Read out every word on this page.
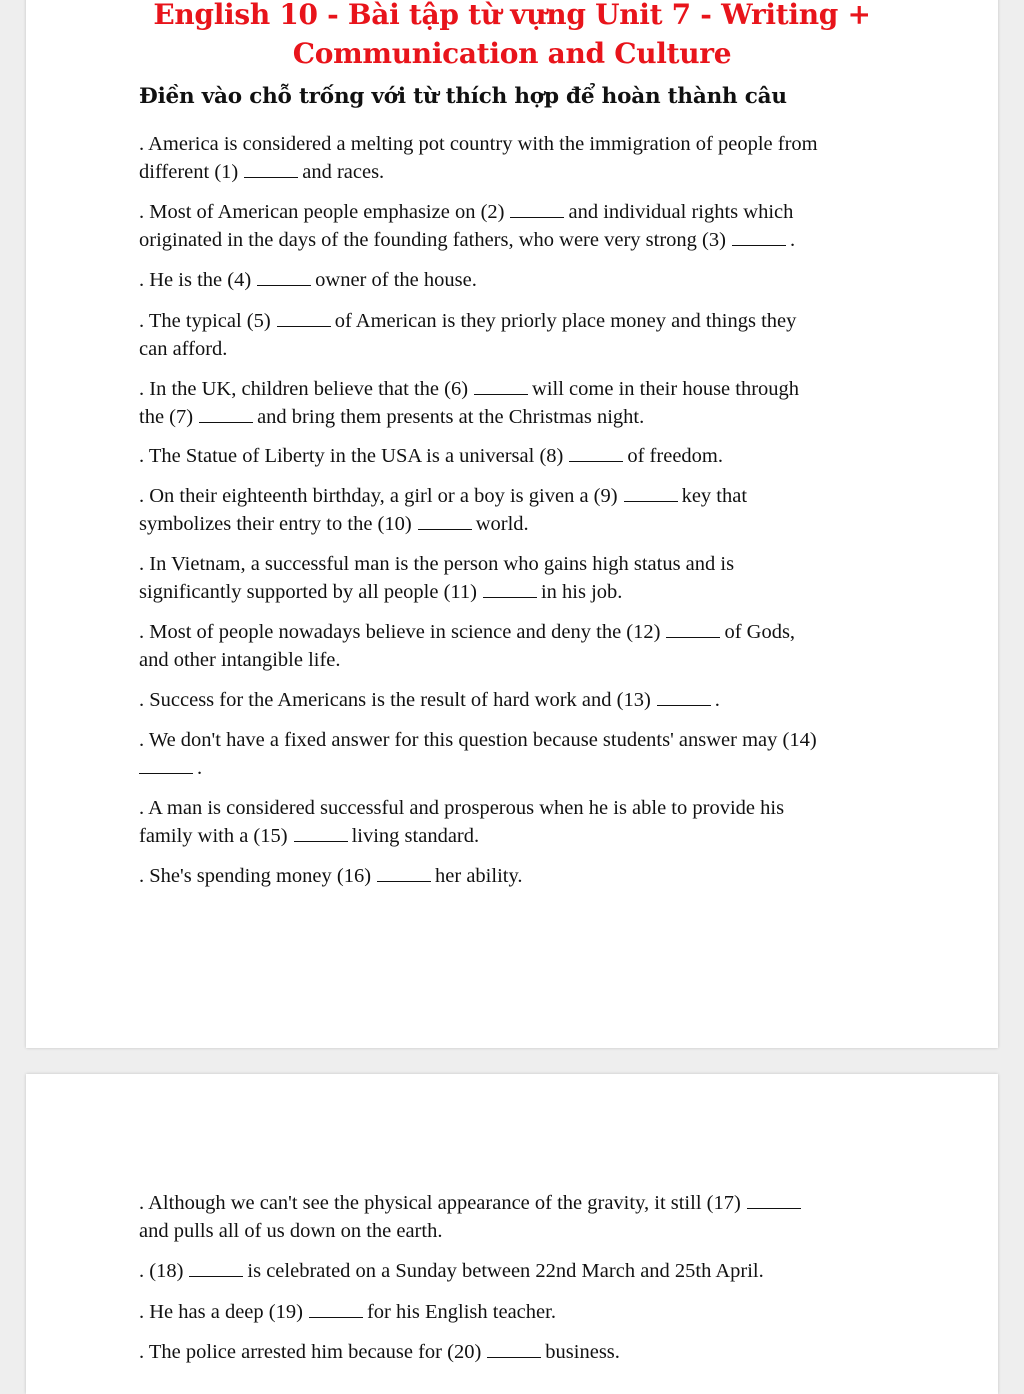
English 10 - Bài tập từ vựng Unit 7 - Writing +
Communication and Culture
Điền vào chỗ trống với từ thích hợp để hoàn thành câu
. America is considered a melting pot country with the immigration of people from
different (1)	and races.
. Most of American people emphasize on (2)	and individual rights which
originated in the days of the founding fathers, who were very strong (3)	.
. He is the (4)	owner of the house.
. The typical (5)	of American is they priorly place money and things they
can afford.
. In the UK, children believe that the (6)	will come in their house through
the (7)	and bring them presents at the Christmas night.
. The Statue of Liberty in the USA is a universal (8)	of freedom.
. On their eighteenth birthday, a girl or a boy is given a (9)	key that
symbolizes their entry to the (10)	world.
. In Vietnam, a successful man is the person who gains high status and is
significantly supported by all people (11)	in his job.
. Most of people nowadays believe in science and deny the (12)	of Gods,
and other intangible life.
. Success for the Americans is the result of hard work and (13)	.
. We don't have a fixed answer for this question because students' answer may (14)
.
. A man is considered successful and prosperous when he is able to provide his
family with a (15)	living standard.
. She's spending money (16)	her ability.
. Although we can't see the physical appearance of the gravity, it still (17)
and pulls all of us down on the earth.
. (18)	is celebrated on a Sunday between 22nd March and 25th April.
. He has a deep (19)	for his English teacher.
. The police arrested him because for (20)	business.
